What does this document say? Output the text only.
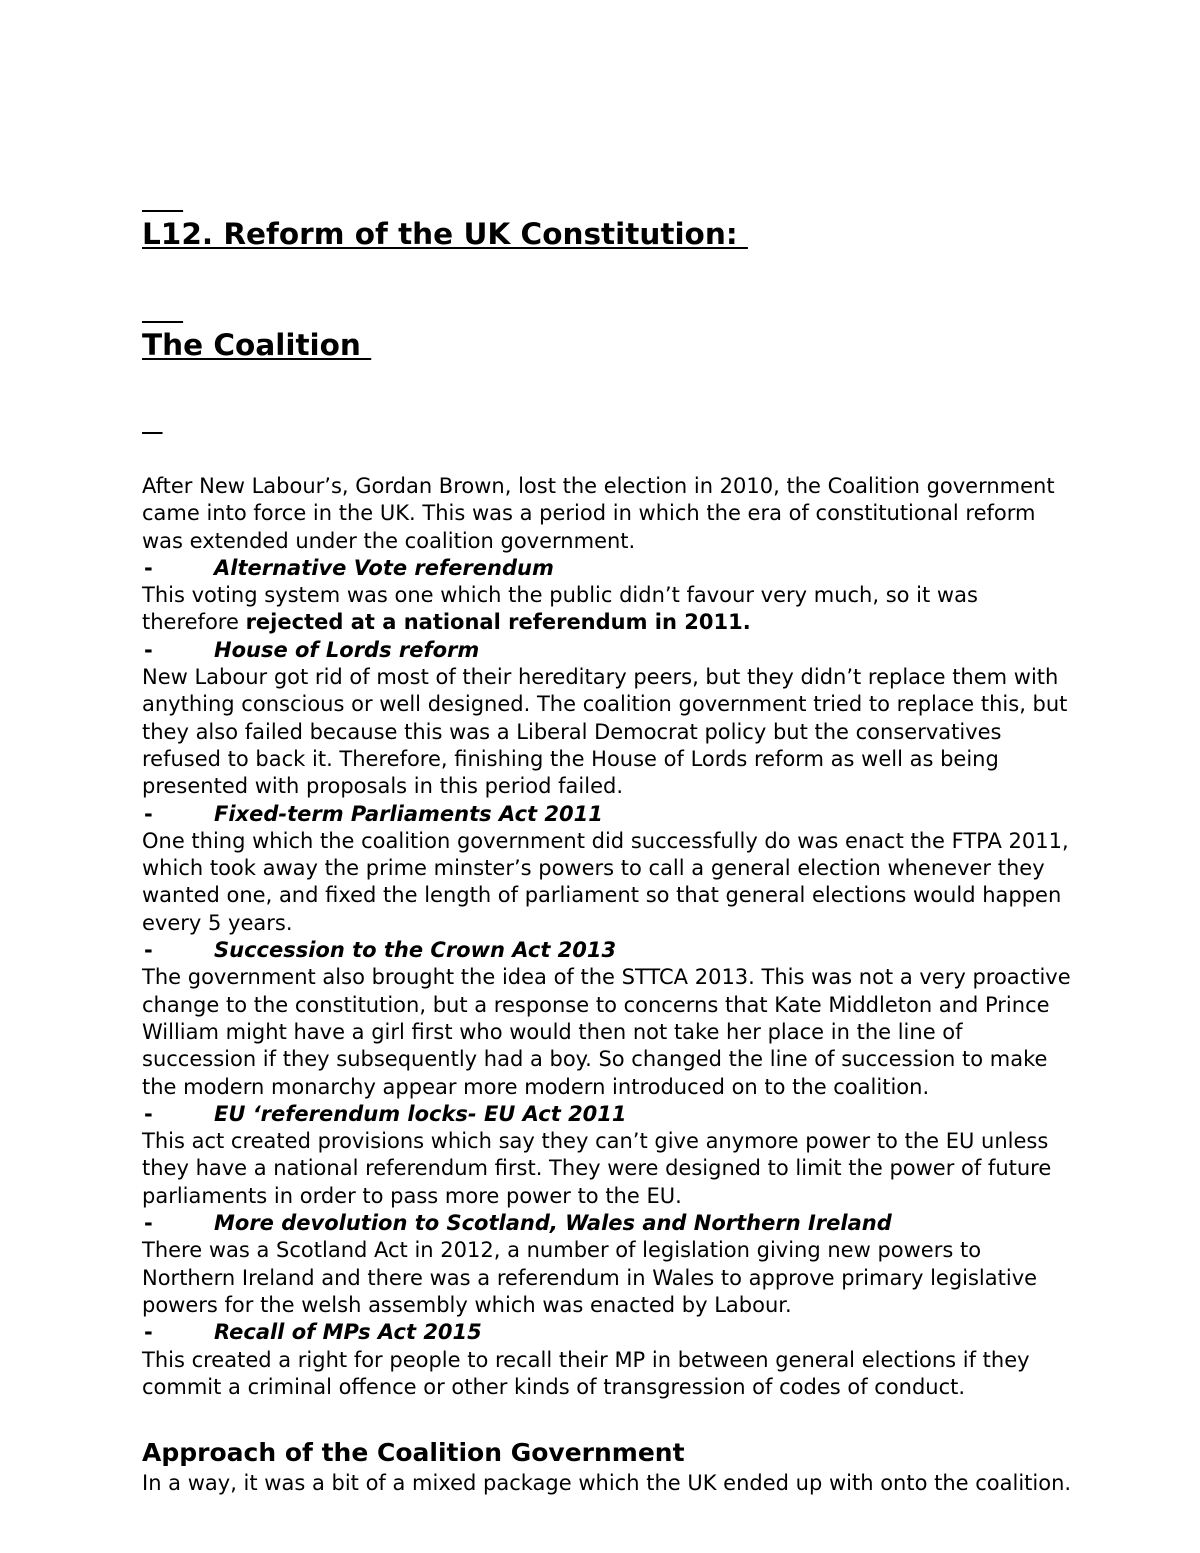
L12. Reform of the UK Constitution:

The Coalition

After New Labour’s, Gordan Brown, lost the election in 2010, the Coalition government came into force in the UK. This was a period in which the era of constitutional reform was extended under the coalition government.

-	Alternative Vote referendum

This voting system was one which the public didn’t favour very much, so it was therefore rejected at a national referendum in 2011.

-	House of Lords reform

New Labour got rid of most of their hereditary peers, but they didn’t replace them with anything conscious or well designed. The coalition government tried to replace this, but they also failed because this was a Liberal Democrat policy but the conservatives refused to back it. Therefore, finishing the House of Lords reform as well as being presented with proposals in this period failed.

-	Fixed-term Parliaments Act 2011

One thing which the coalition government did successfully do was enact the FTPA 2011, which took away the prime minster’s powers to call a general election whenever they wanted one, and fixed the length of parliament so that general elections would happen every 5 years.

-	Succession to the Crown Act 2013

The government also brought the idea of the STTCA 2013. This was not a very proactive change to the constitution, but a response to concerns that Kate Middleton and Prince William might have a girl first who would then not take her place in the line of succession if they subsequently had a boy. So changed the line of succession to make the modern monarchy appear more modern introduced on to the coalition.

-	EU ‘referendum locks- EU Act 2011

This act created provisions which say they can’t give anymore power to the EU unless they have a national referendum first. They were designed to limit the power of future parliaments in order to pass more power to the EU.

-	More devolution to Scotland, Wales and Northern Ireland

There was a Scotland Act in 2012, a number of legislation giving new powers to Northern Ireland and there was a referendum in Wales to approve primary legislative powers for the welsh assembly which was enacted by Labour.

-	Recall of MPs Act 2015

This created a right for people to recall their MP in between general elections if they commit a criminal offence or other kinds of transgression of codes of conduct.

Approach of the Coalition Government

In a way, it was a bit of a mixed package which the UK ended up with onto the coalition.
